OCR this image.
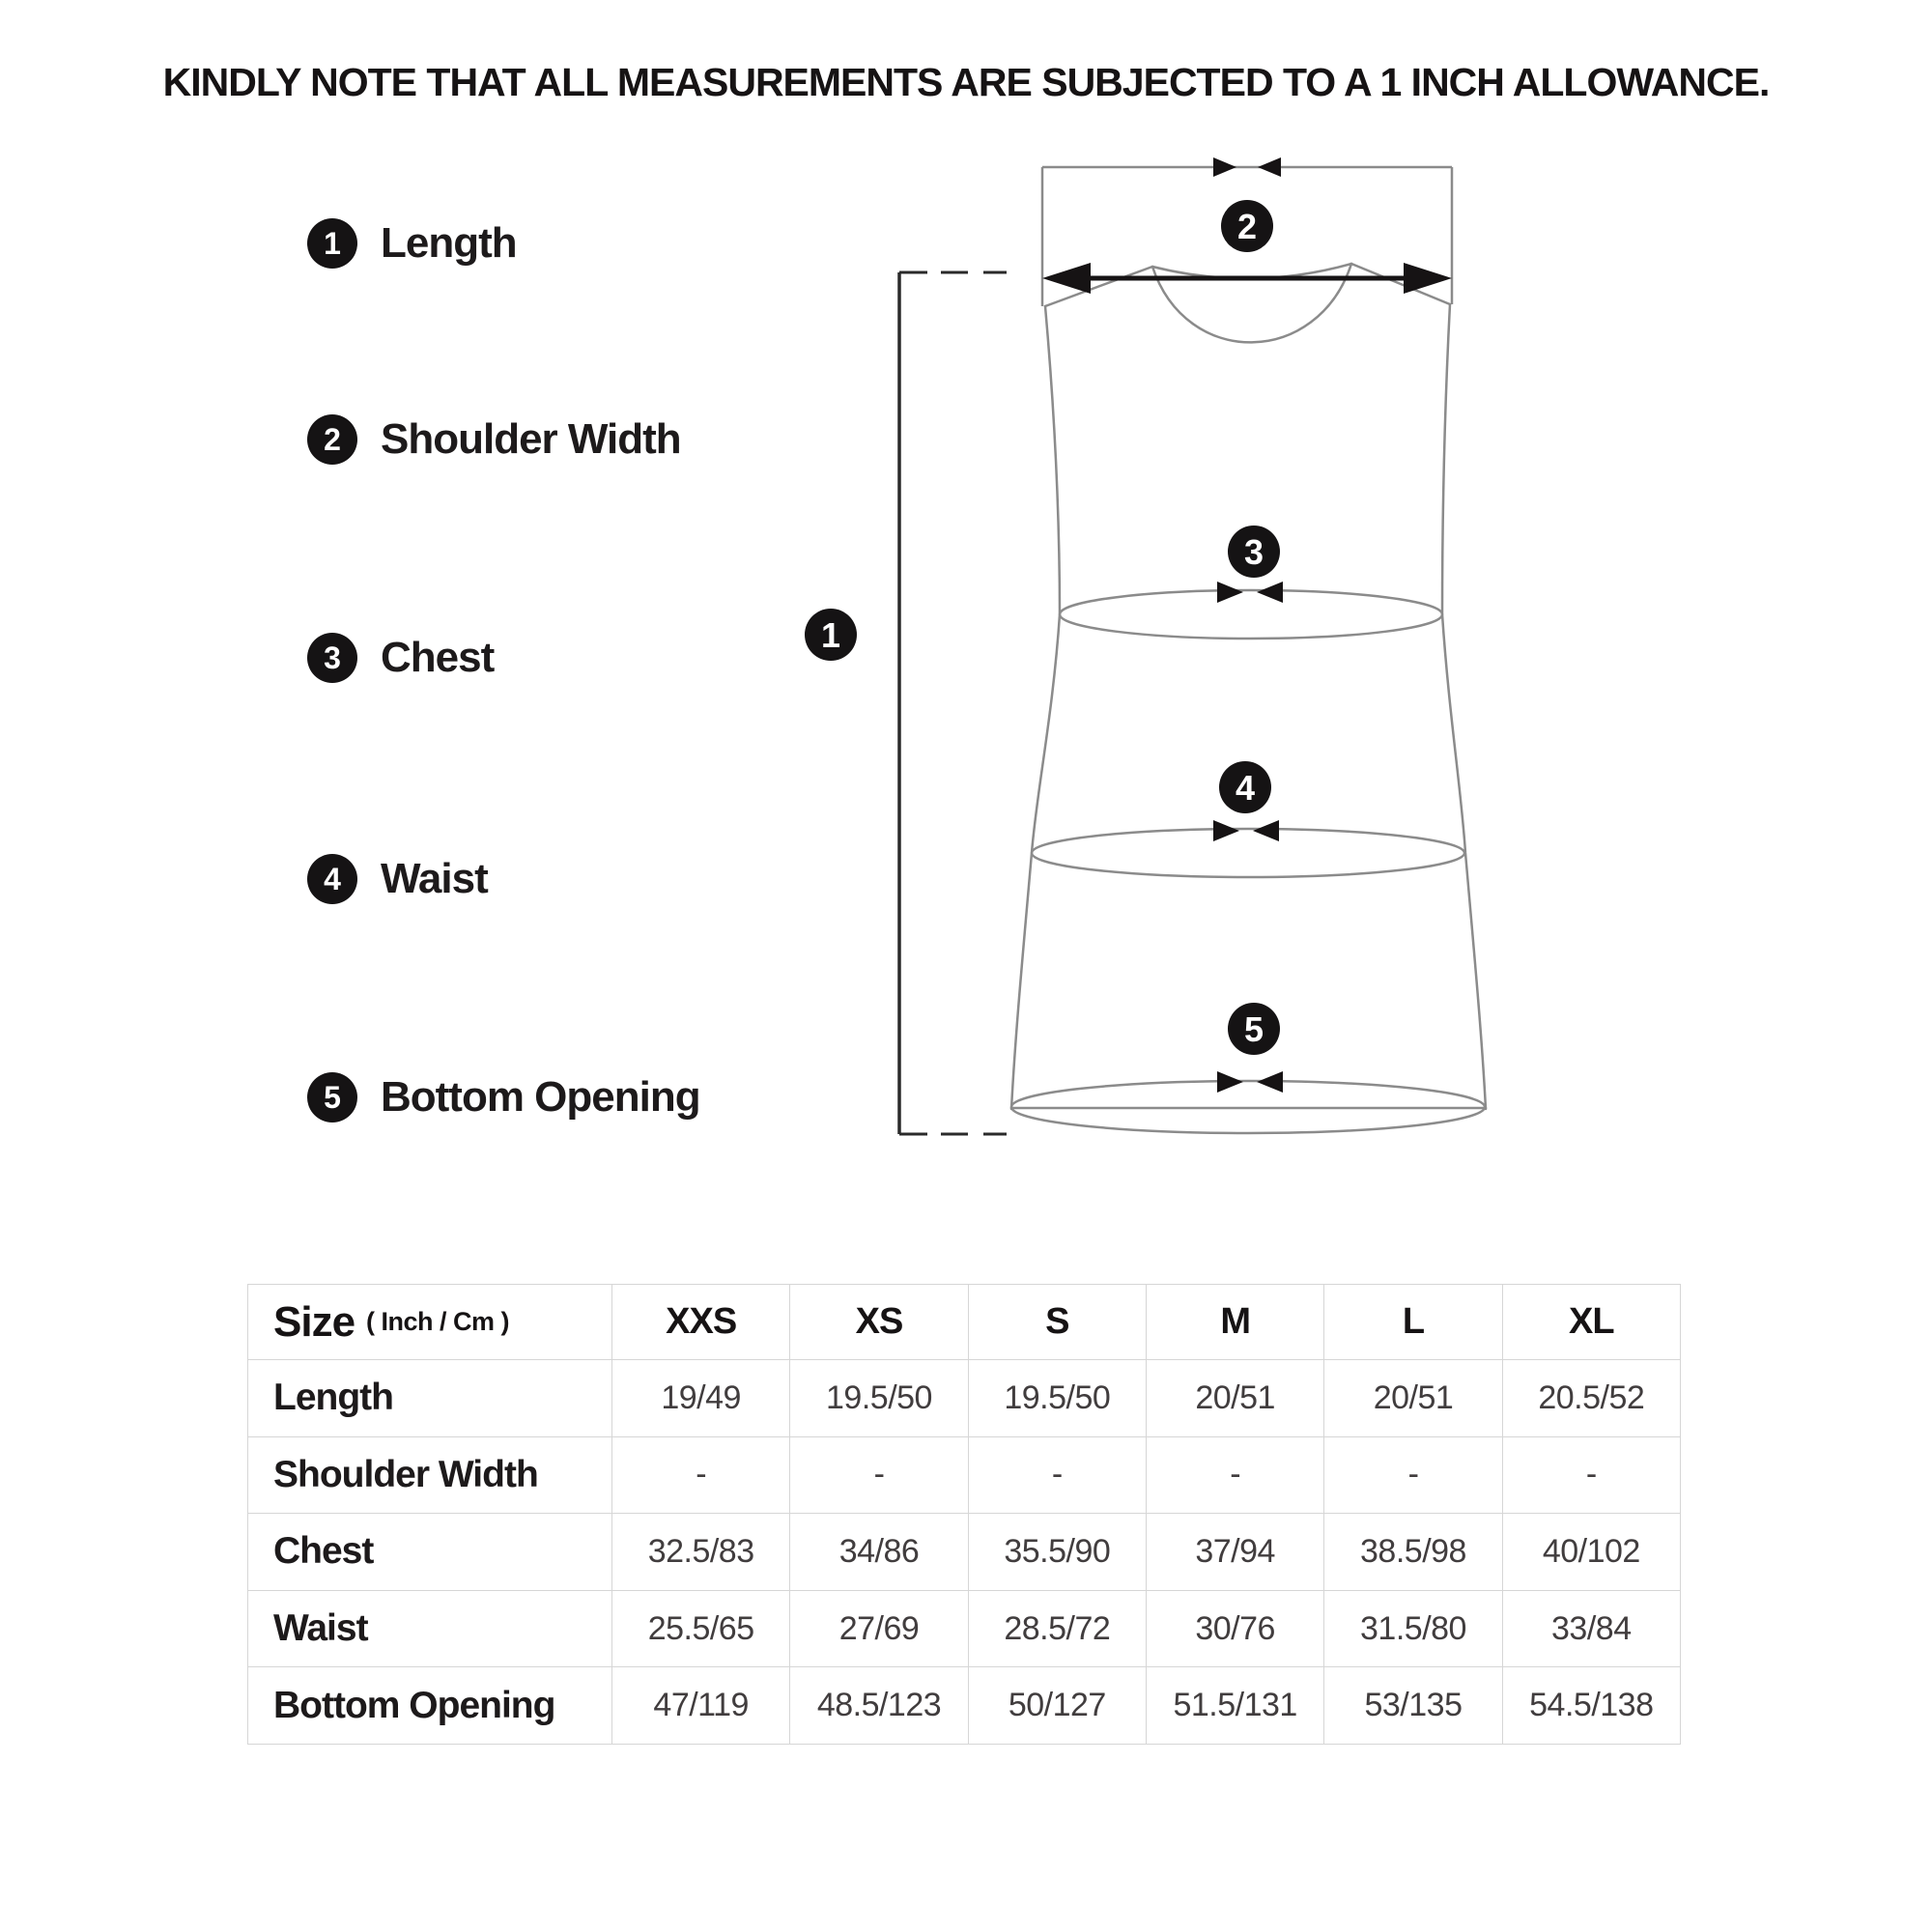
KINDLY NOTE THAT ALL MEASUREMENTS ARE SUBJECTED TO A 1 INCH ALLOWANCE.
1 Length
2 Shoulder Width
3 Chest
4 Waist
5 Bottom Opening
1
2
3
4
5
Size ( Inch / Cm )	XXS	XS	S	M	L	XL
Length	19/49	19.5/50 19.5/50	20/51	20/51	20.5/52
Shoulder Width	-	-	-	-	-	-
Chest	32.5/83	34/86	35.5/90	37/94	38.5/98 40/102
Waist	25.5/65	27/69	28.5/72	30/76	31.5/80	33/84
Bottom Opening	47/119 48.5/123 50/127 51.5/131 53/135 54.5/138
